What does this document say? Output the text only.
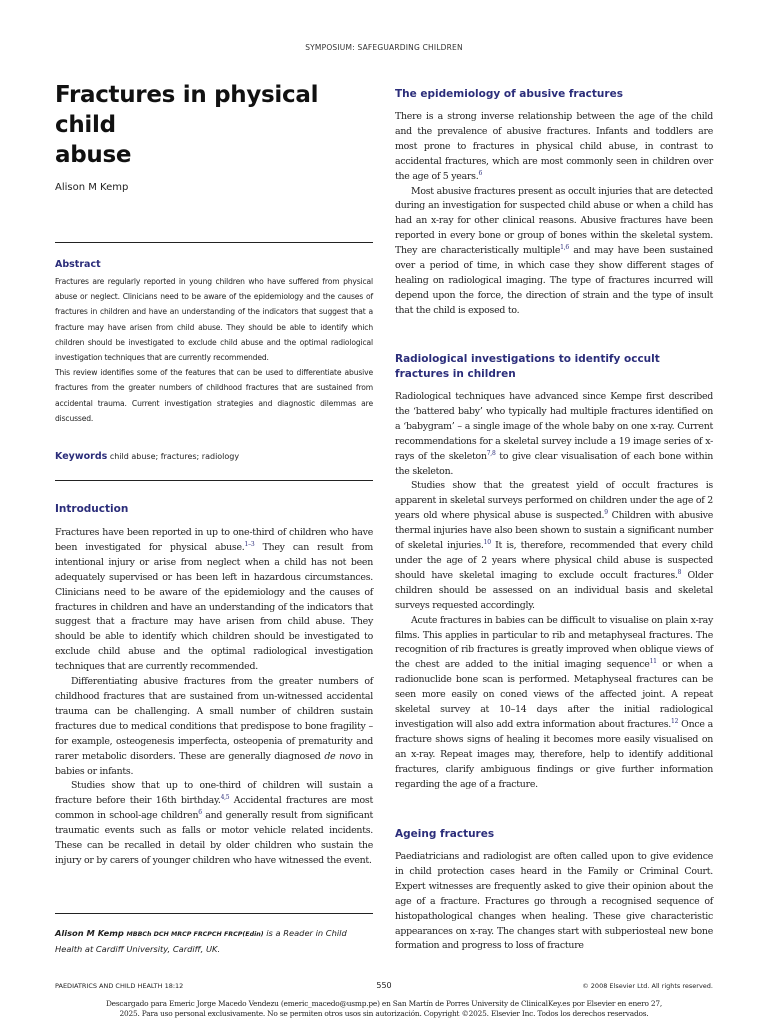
SYMPOSIUM: SAFEGUARDING CHILDREN
Fractures in physical child
abuse
Alison M Kemp
Abstract

Fractures are regularly reported in young children who have suffered from physical abuse or neglect. Clinicians need to be aware of the epidemiology and the causes of fractures in children and have an understanding of the indicators that suggest that a fracture may have arisen from child abuse. They should be able to identify which children should be investigated to exclude child abuse and the optimal radiological investigation techniques that are currently recommended.

This review identifies some of the features that can be used to differentiate abusive fractures from the greater numbers of childhood fractures that are sustained from accidental trauma. Current investigation strategies and diagnostic dilemmas are discussed.

Keywords child abuse; fractures; radiology
Introduction

Fractures have been reported in up to one-third of children who have been investigated for physical abuse.$^{1-3}$ They can result from intentional injury or arise from neglect when a child has not been adequately supervised or has been left in hazardous circumstances. Clinicians need to be aware of the epidemiology and the causes of fractures in children and have an understanding of the indicators that suggest that a fracture may have arisen from child abuse. They should be able to identify which children should be investigated to exclude child abuse and the optimal radiological investigation techniques that are currently recommended.

Differentiating abusive fractures from the greater numbers of childhood fractures that are sustained from un-witnessed accidental trauma can be challenging. A small number of children sustain fractures due to medical conditions that predispose to bone fragility – for example, osteogenesis imperfecta, osteopenia of prematurity and rarer metabolic disorders. These are generally diagnosed de novo in babies or infants.

Studies show that up to one-third of children will sustain a fracture before their 16th birthday.$^{4,5}$ Accidental fractures are most common in school-age children$^6$ and generally result from significant traumatic events such as falls or motor vehicle related incidents. These can be recalled in detail by older children who sustain the injury or by carers of younger children who have witnessed the event.

Alison M Kemp MBBCh DCH MRCP FRCPCH FRCP(Edin) is a Reader in Child Health at Cardiff University, Cardiff, UK.
The epidemiology of abusive fractures

There is a strong inverse relationship between the age of the child and the prevalence of abusive fractures. Infants and toddlers are most prone to fractures in physical child abuse, in contrast to accidental fractures, which are most commonly seen in children over the age of 5 years.$^6$

Most abusive fractures present as occult injuries that are detected during an investigation for suspected child abuse or when a child has had an x-ray for other clinical reasons. Abusive fractures have been reported in every bone or group of bones within the skeletal system. They are characteristically multiple$^{1,6}$ and may have been sustained over a period of time, in which case they show different stages of healing on radiological imaging. The type of fractures incurred will depend upon the force, the direction of strain and the type of insult that the child is exposed to.

Radiological investigations to identify occult fractures in children

Radiological techniques have advanced since Kempe first described the ‘battered baby’ who typically had multiple fractures identified on a ‘babygram’ – a single image of the whole baby on one x-ray. Current recommendations for a skeletal survey include a 19 image series of x-rays of the skeleton$^{7,8}$ to give clear visualisation of each bone within the skeleton.

Studies show that the greatest yield of occult fractures is apparent in skeletal surveys performed on children under the age of 2 years old where physical abuse is suspected.$^9$ Children with abusive thermal injuries have also been shown to sustain a significant number of skeletal injuries.$^{10}$ It is, therefore, recommended that every child under the age of 2 years where physical child abuse is suspected should have skeletal imaging to exclude occult fractures.$^8$ Older children should be assessed on an individual basis and skeletal surveys requested accordingly.

Acute fractures in babies can be difficult to visualise on plain x-ray films. This applies in particular to rib and metaphyseal fractures. The recognition of rib fractures is greatly improved when oblique views of the chest are added to the initial imaging sequence$^{11}$ or when a radionuclide bone scan is performed. Metaphyseal fractures can be seen more easily on coned views of the affected joint. A repeat skeletal survey at 10–14 days after the initial radiological investigation will also add extra information about fractures.$^{12}$ Once a fracture shows signs of healing it becomes more easily visualised on an x-ray. Repeat images may, therefore, help to identify additional fractures, clarify ambiguous findings or give further information regarding the age of a fracture.

Ageing fractures

Paediatricians and radiologist are often called upon to give evidence in child protection cases heard in the Family or Criminal Court. Expert witnesses are frequently asked to give their opinion about the age of a fracture. Fractures go through a recognised sequence of histopathological changes when healing. These give characteristic appearances on x-ray. The changes start with subperiosteal new bone formation and progress to loss of fracture

PAEDIATRICS AND CHILD HEALTH 18:12	550	© 2008 Elsevier Ltd. All rights reserved.
Descargado para Emeric Jorge Macedo Vendezu (emeric_macedo@usmp.pe) en San Martín de Porres University de ClinicalKey.es por Elsevier en enero 27,
2025. Para uso personal exclusivamente. No se permiten otros usos sin autorización. Copyright ©2025. Elsevier Inc. Todos los derechos reservados.
